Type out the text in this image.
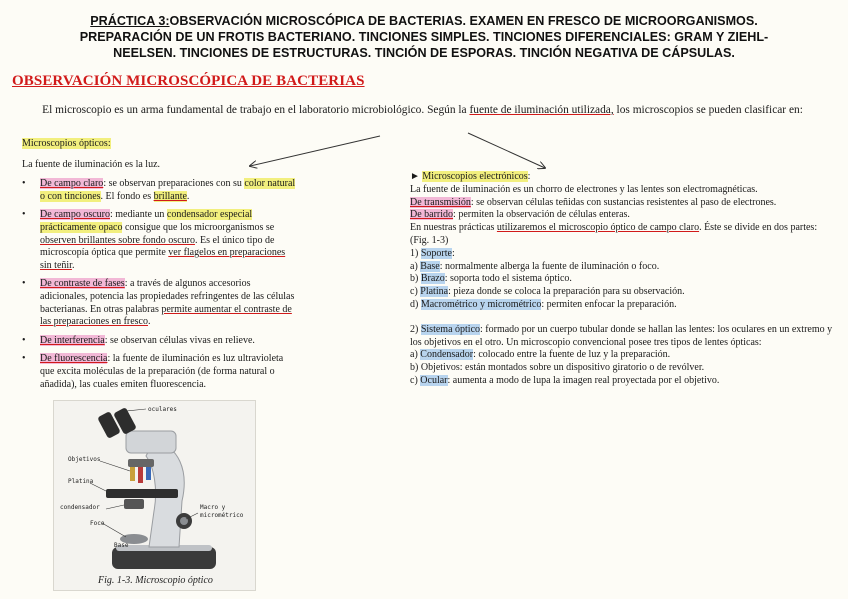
PRÁCTICA 3:OBSERVACIÓN MICROSCÓPICA DE BACTERIAS. EXAMEN EN FRESCO DE MICROORGANISMOS.
PREPARACIÓN DE UN FROTIS BACTERIANO. TINCIONES SIMPLES. TINCIONES DIFERENCIALES: GRAM Y ZIEHL-
NEELSEN. TINCIONES DE ESTRUCTURAS. TINCIÓN DE ESPORAS. TINCIÓN NEGATIVA DE CÁPSULAS.
OBSERVACIÓN MICROSCÓPICA DE BACTERIAS
El microscopio es un arma fundamental de trabajo en el laboratorio microbiológico. Según la fuente de iluminación utilizada, los microscopios se pueden clasificar en:

Microscopios ópticos:

La fuente de iluminación es la luz.

• De campo claro: se observan preparaciones con su color natural o con tinciones. El fondo es brillante.
• De campo oscuro: mediante un condensador especial prácticamente opaco consigue que los microorganismos se observen brillantes sobre fondo oscuro. Es el único tipo de microscopía óptica que permite ver flagelos en preparaciones sin teñir.
• De contraste de fases: a través de algunos accesorios adicionales, potencia las propiedades refringentes de las células bacterianas. En otras palabras permite aumentar el contraste de las preparaciones en fresco.
• De interferencia: se observan células vivas en relieve.
• De fluorescencia: la fuente de iluminación es luz ultravioleta que excita moléculas de la preparación (de forma natural o añadida), las cuales emiten fluorescencia.

► Microscopios electrónicos:

La fuente de iluminación es un chorro de electrones y las lentes son electromagnéticas.

De transmisión: se observan células teñidas con sustancias resistentes al paso de electrones.

De barrido: permiten la observación de células enteras.

En nuestras prácticas utilizaremos el microscopio óptico de campo claro. Éste se divide en dos partes: (Fig. 1-3)

1) Soporte:

a) Base: normalmente alberga la fuente de iluminación o foco.

b) Brazo: soporta todo el sistema óptico.

c) Platina: pieza donde se coloca la preparación para su observación.

d) Macrométrico y micrométrico: permiten enfocar la preparación.

2) Sistema óptico: formado por un cuerpo tubular donde se hallan las lentes: los oculares en un extremo y los objetivos en el otro. Un microscopio convencional posee tres tipos de lentes ópticas:

a) Condensador: colocado entre la fuente de luz y la preparación.

b) Objetivos: están montados sobre un dispositivo giratorio o de revólver.

c) Ocular: aumenta a modo de lupa la imagen real proyectada por el objetivo.

oculares
Objetivos
Platina
condensador
Foco
Base
Macro y
micrométrico
Fig. 1-3. Microscopio óptico
